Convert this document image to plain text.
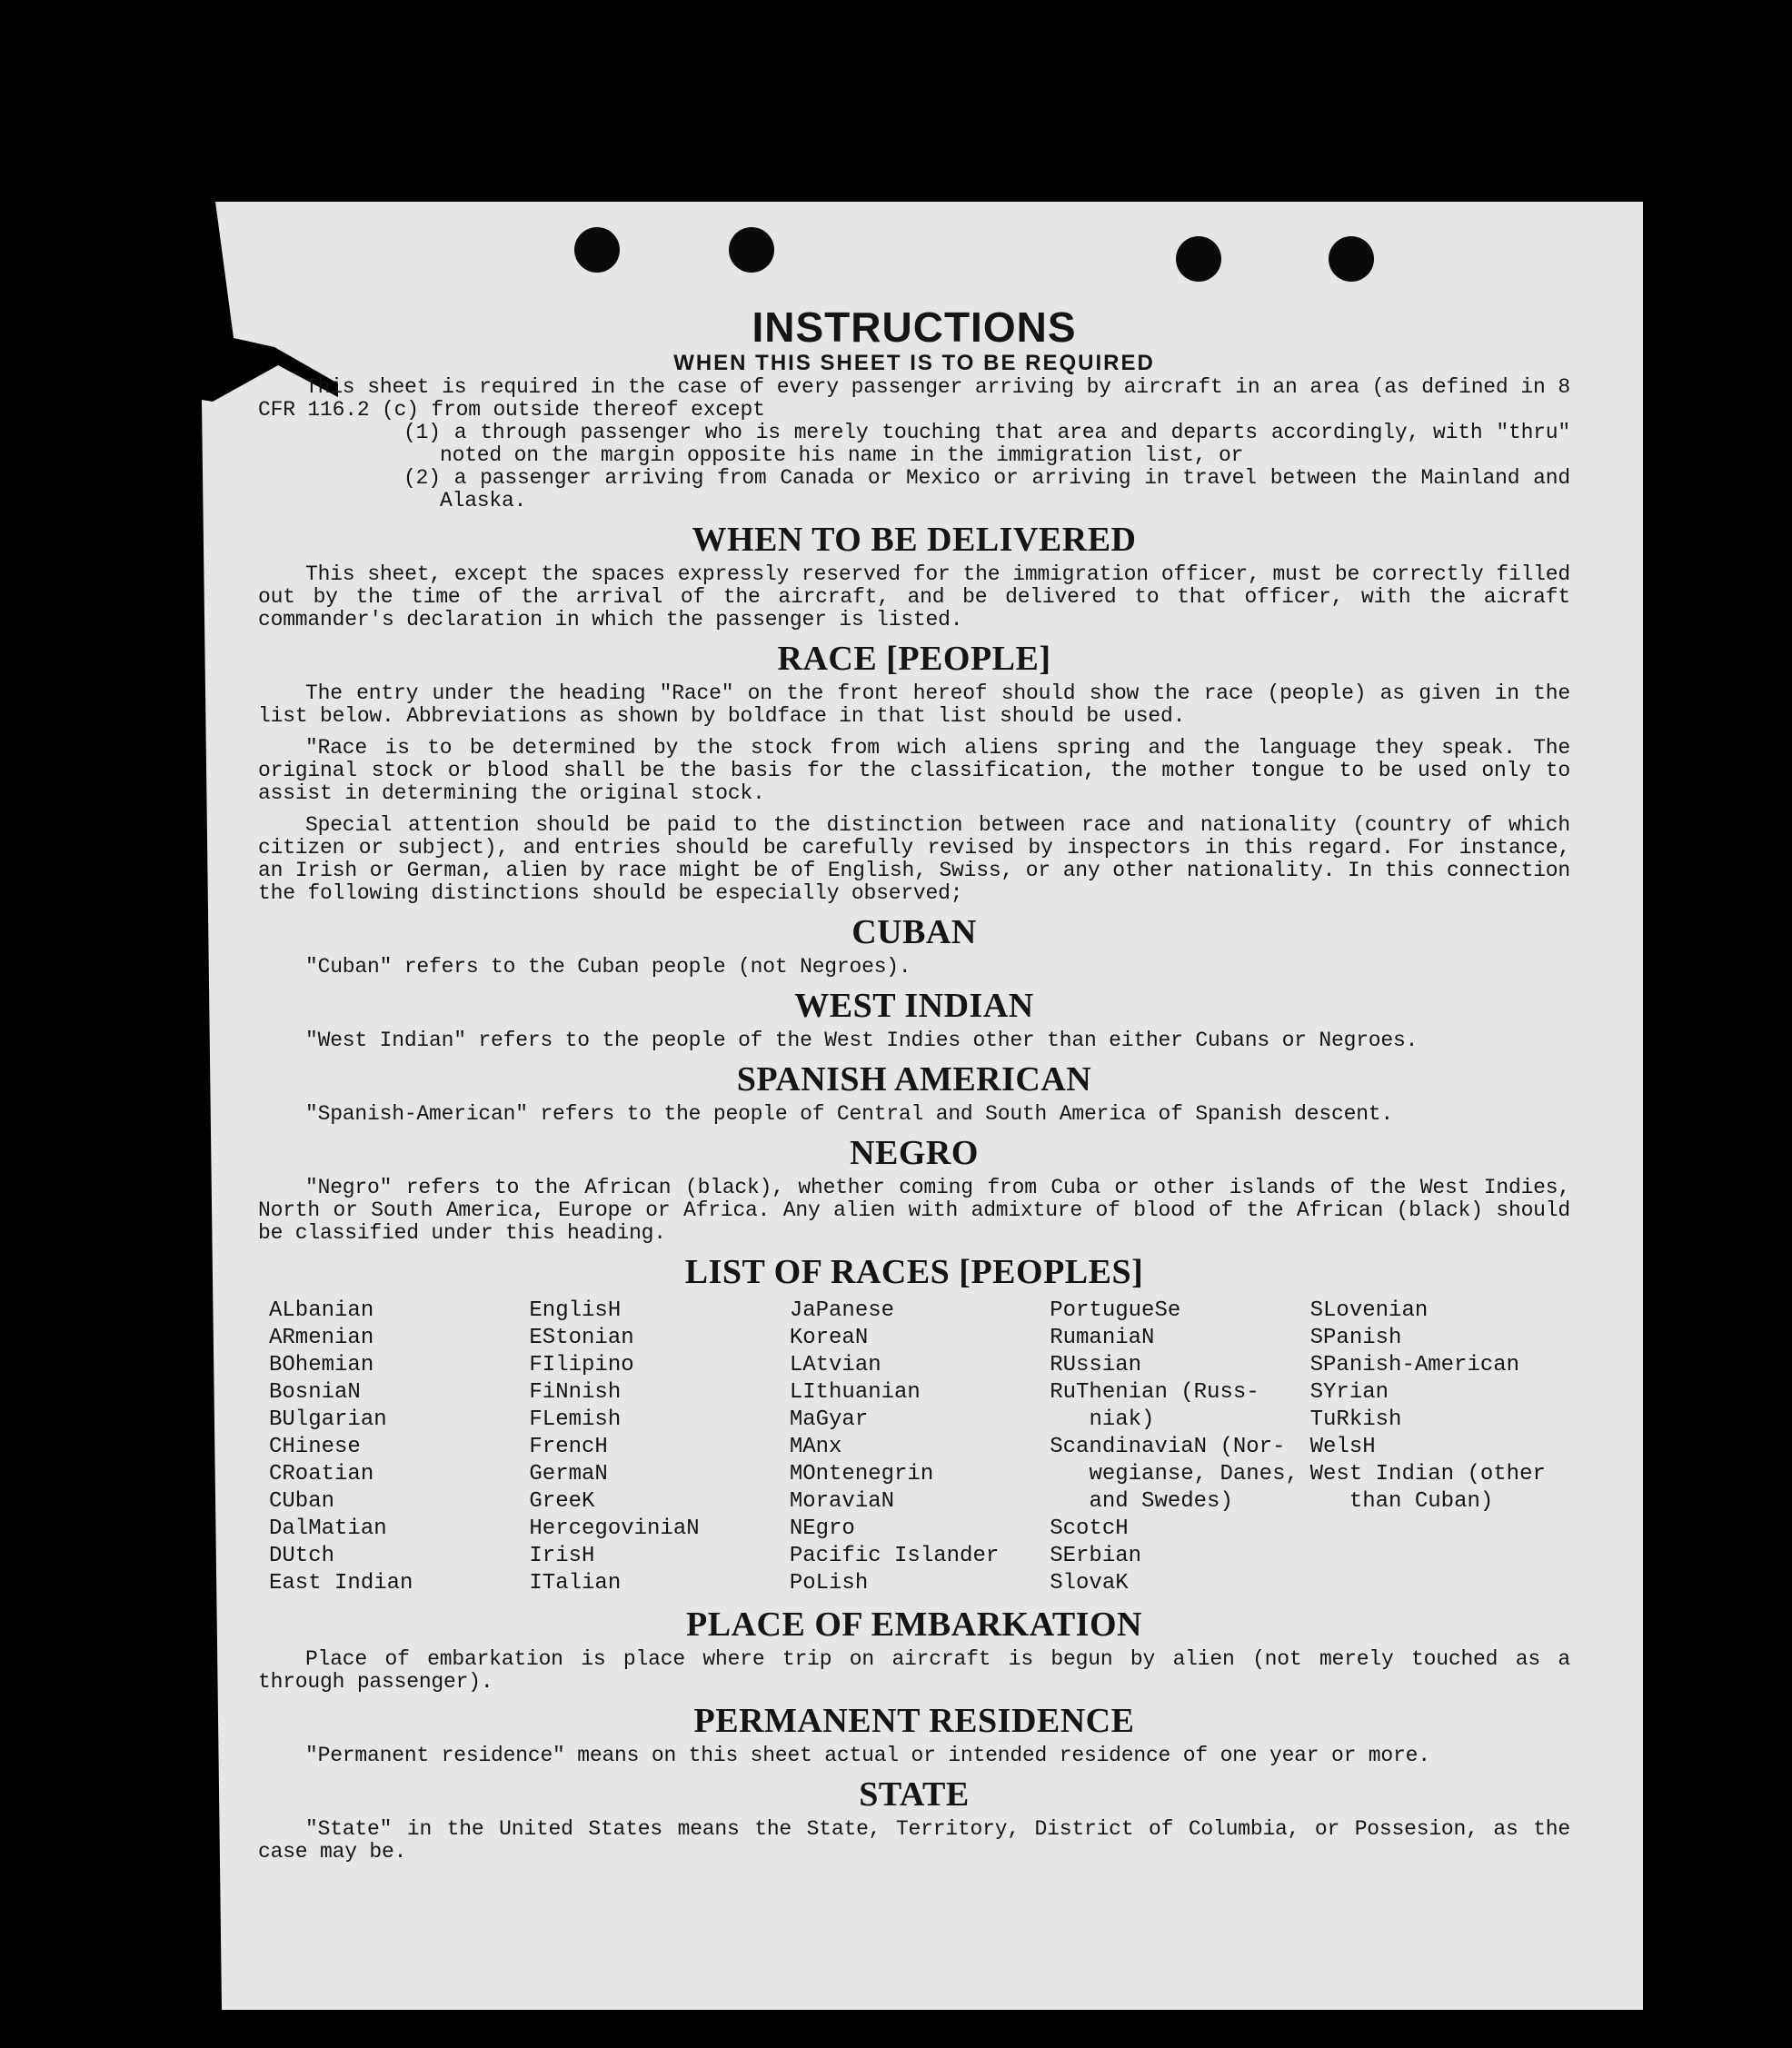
INSTRUCTIONS
WHEN THIS SHEET IS TO BE REQUIRED

This sheet is required in the case of every passenger arriving by aircraft in an area (as defined in 8 CFR 116.2 (c) from outside thereof except

(1) a through passenger who is merely touching that area and departs accordingly, with "thru" noted on the margin opposite his name in the immigration list, or

(2) a passenger arriving from Canada or Mexico or arriving in travel between the Mainland and Alaska.

WHEN TO BE DELIVERED

This sheet, except the spaces expressly reserved for the immigration officer, must be correctly filled out by the time of the arrival of the aircraft, and be delivered to that officer, with the aicraft commander's declaration in which the passenger is listed.

RACE [PEOPLE]

The entry under the heading "Race" on the front hereof should show the race (people) as given in the list below. Abbreviations as shown by boldface in that list should be used.

"Race is to be determined by the stock from wich aliens spring and the language they speak. The original stock or blood shall be the basis for the classification, the mother tongue to be used only to assist in determining the original stock.

Special attention should be paid to the distinction between race and nationality (country of which citizen or subject), and entries should be carefully revised by inspectors in this regard. For instance, an Irish or German, alien by race might be of English, Swiss, or any other nationality. In this connection the following distinctions should be especially observed;

CUBAN

"Cuban" refers to the Cuban people (not Negroes).

WEST INDIAN

"West Indian" refers to the people of the West Indies other than either Cubans or Negroes.

SPANISH AMERICAN

"Spanish-American" refers to the people of Central and South America of Spanish descent.

NEGRO

"Negro" refers to the African (black), whether coming from Cuba or other islands of the West Indies, North or South America, Europe or Africa. Any alien with admixture of blood of the African (black) should be classified under this heading.

LIST OF RACES [PEOPLES]
ALbanian
ARmenian
BOhemian
BosniaN
BUlgarian
CHinese
CRoatian
CUban
DalMatian
DUtch
East Indian
EnglisH
EStonian
FIlipino
FiNnish
FLemish
FrencH
GermaN
GreeK
HercegoviniaN
IrisH
ITalian
JaPanese
KoreaN
LAtvian
LIthuanian
MaGyar
MAnx
MOntenegrin
MoraviaN
NEgro
Pacific Islander
PoLish
PortugueSe
RumaniaN
RUssian
RuThenian (Russ-
niak)
ScandinaviaN (Nor-
wegianse, Danes,
and Swedes)
ScotcH
SErbian
SlovaK
SLovenian
SPanish
SPanish-American
SYrian
TuRkish
WelsH
West Indian (other
than Cuban)
PLACE OF EMBARKATION

Place of embarkation is place where trip on aircraft is begun by alien (not merely touched as a through passenger).

PERMANENT RESIDENCE

"Permanent residence" means on this sheet actual or intended residence of one year or more.

STATE

"State" in the United States means the State, Territory, District of Columbia, or Possesion, as the case may be.
